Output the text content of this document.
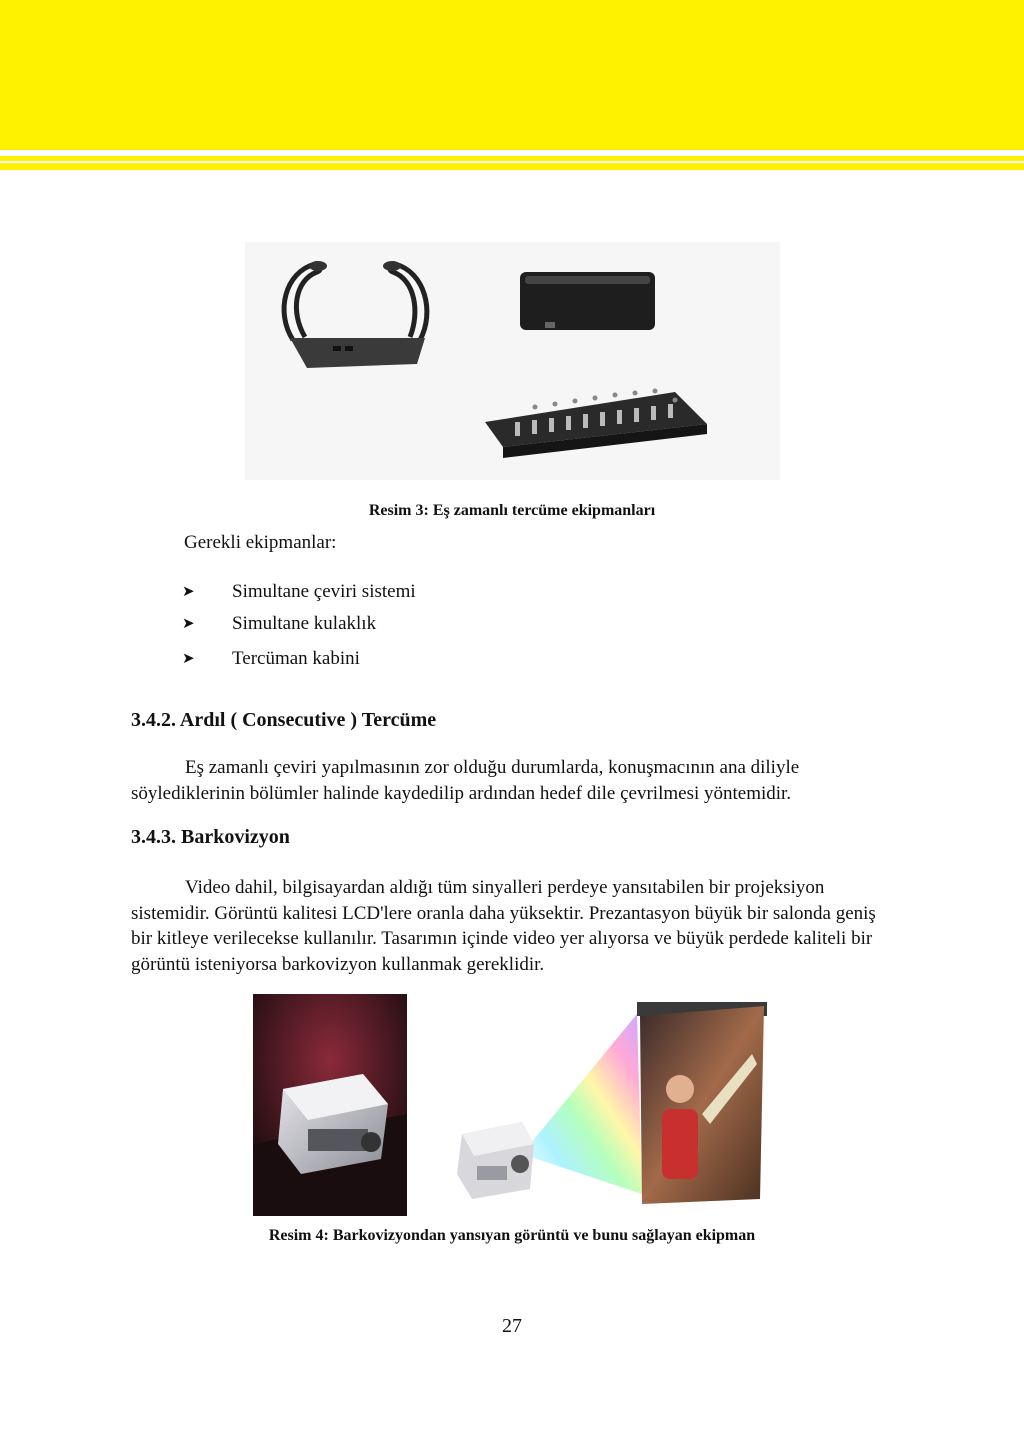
Resim 3: Eş zamanlı tercüme ekipmanları
Gerekli ekipmanlar:
➤ Simultane çeviri sistemi
➤ Simultane kulaklık
➤ Tercüman kabini
3.4.2. Ardıl ( Consecutive ) Tercüme

Eş zamanlı çeviri yapılmasının zor olduğu durumlarda, konuşmacının ana diliyle söylediklerinin bölümler halinde kaydedilip ardından hedef dile çevrilmesi yöntemidir.

3.4.3. Barkovizyon

Video dahil, bilgisayardan aldığı tüm sinyalleri perdeye yansıtabilen bir projeksiyon sistemidir. Görüntü kalitesi LCD'lere oranla daha yüksektir. Prezantasyon büyük bir salonda geniş bir kitleye verilecekse kullanılır. Tasarımın içinde video yer alıyorsa ve büyük perdede kaliteli bir görüntü isteniyorsa barkovizyon kullanmak gereklidir.

Resim 4: Barkovizyondan yansıyan görüntü ve bunu sağlayan ekipman
27
